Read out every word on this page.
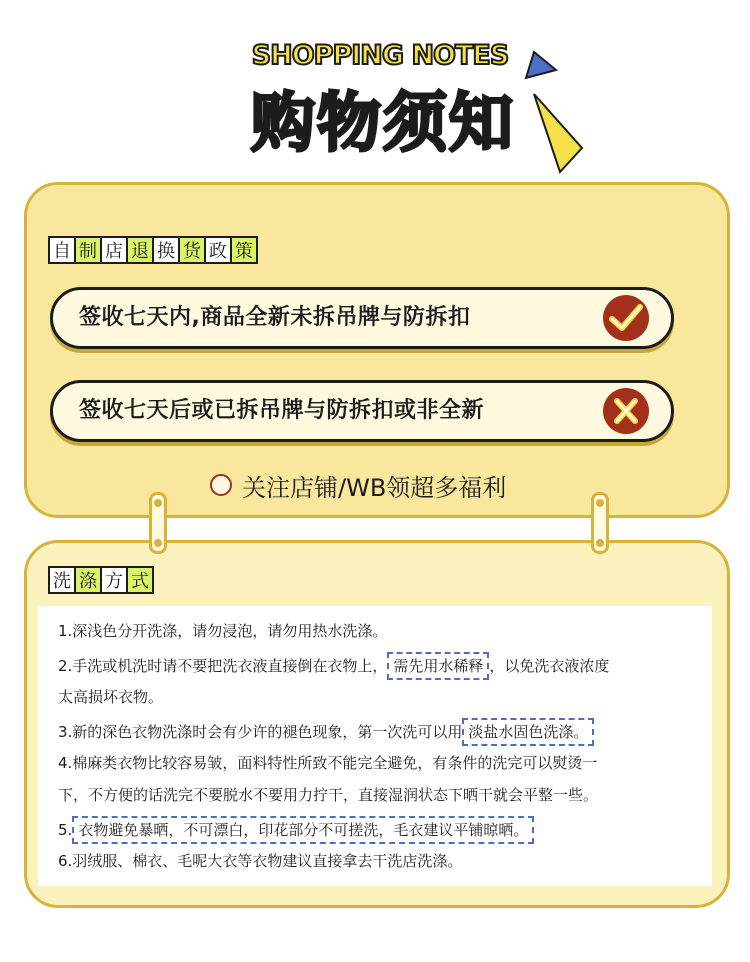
SHOPPING NOTES
购物须知
自 制 店 退 换 货 政 策
签收七天内,商品全新未拆吊牌与防拆扣
签收七天后或已拆吊牌与防拆扣或非全新
关注店铺/WB领超多福利
洗 涤 方 式
1.深浅色分开洗涤，请勿浸泡，请勿用热水洗涤。
2.手洗或机洗时请不要把洗衣液直接倒在衣物上， 需先用水稀释 ，以免洗衣液浓度
太高损坏衣物。
3.新的深色衣物洗涤时会有少许的褪色现象，第一次洗可以用 淡盐水固色洗涤。
4.棉麻类衣物比较容易皱，面料特性所致不能完全避免，有条件的洗完可以熨烫一
下，不方便的话洗完不要脱水不要用力拧干，直接湿润状态下晒干就会平整一些。
5. 衣物避免暴晒，不可漂白，印花部分不可搓洗，毛衣建议平铺晾晒。
6.羽绒服、棉衣、毛呢大衣等衣物建议直接拿去干洗店洗涤。
